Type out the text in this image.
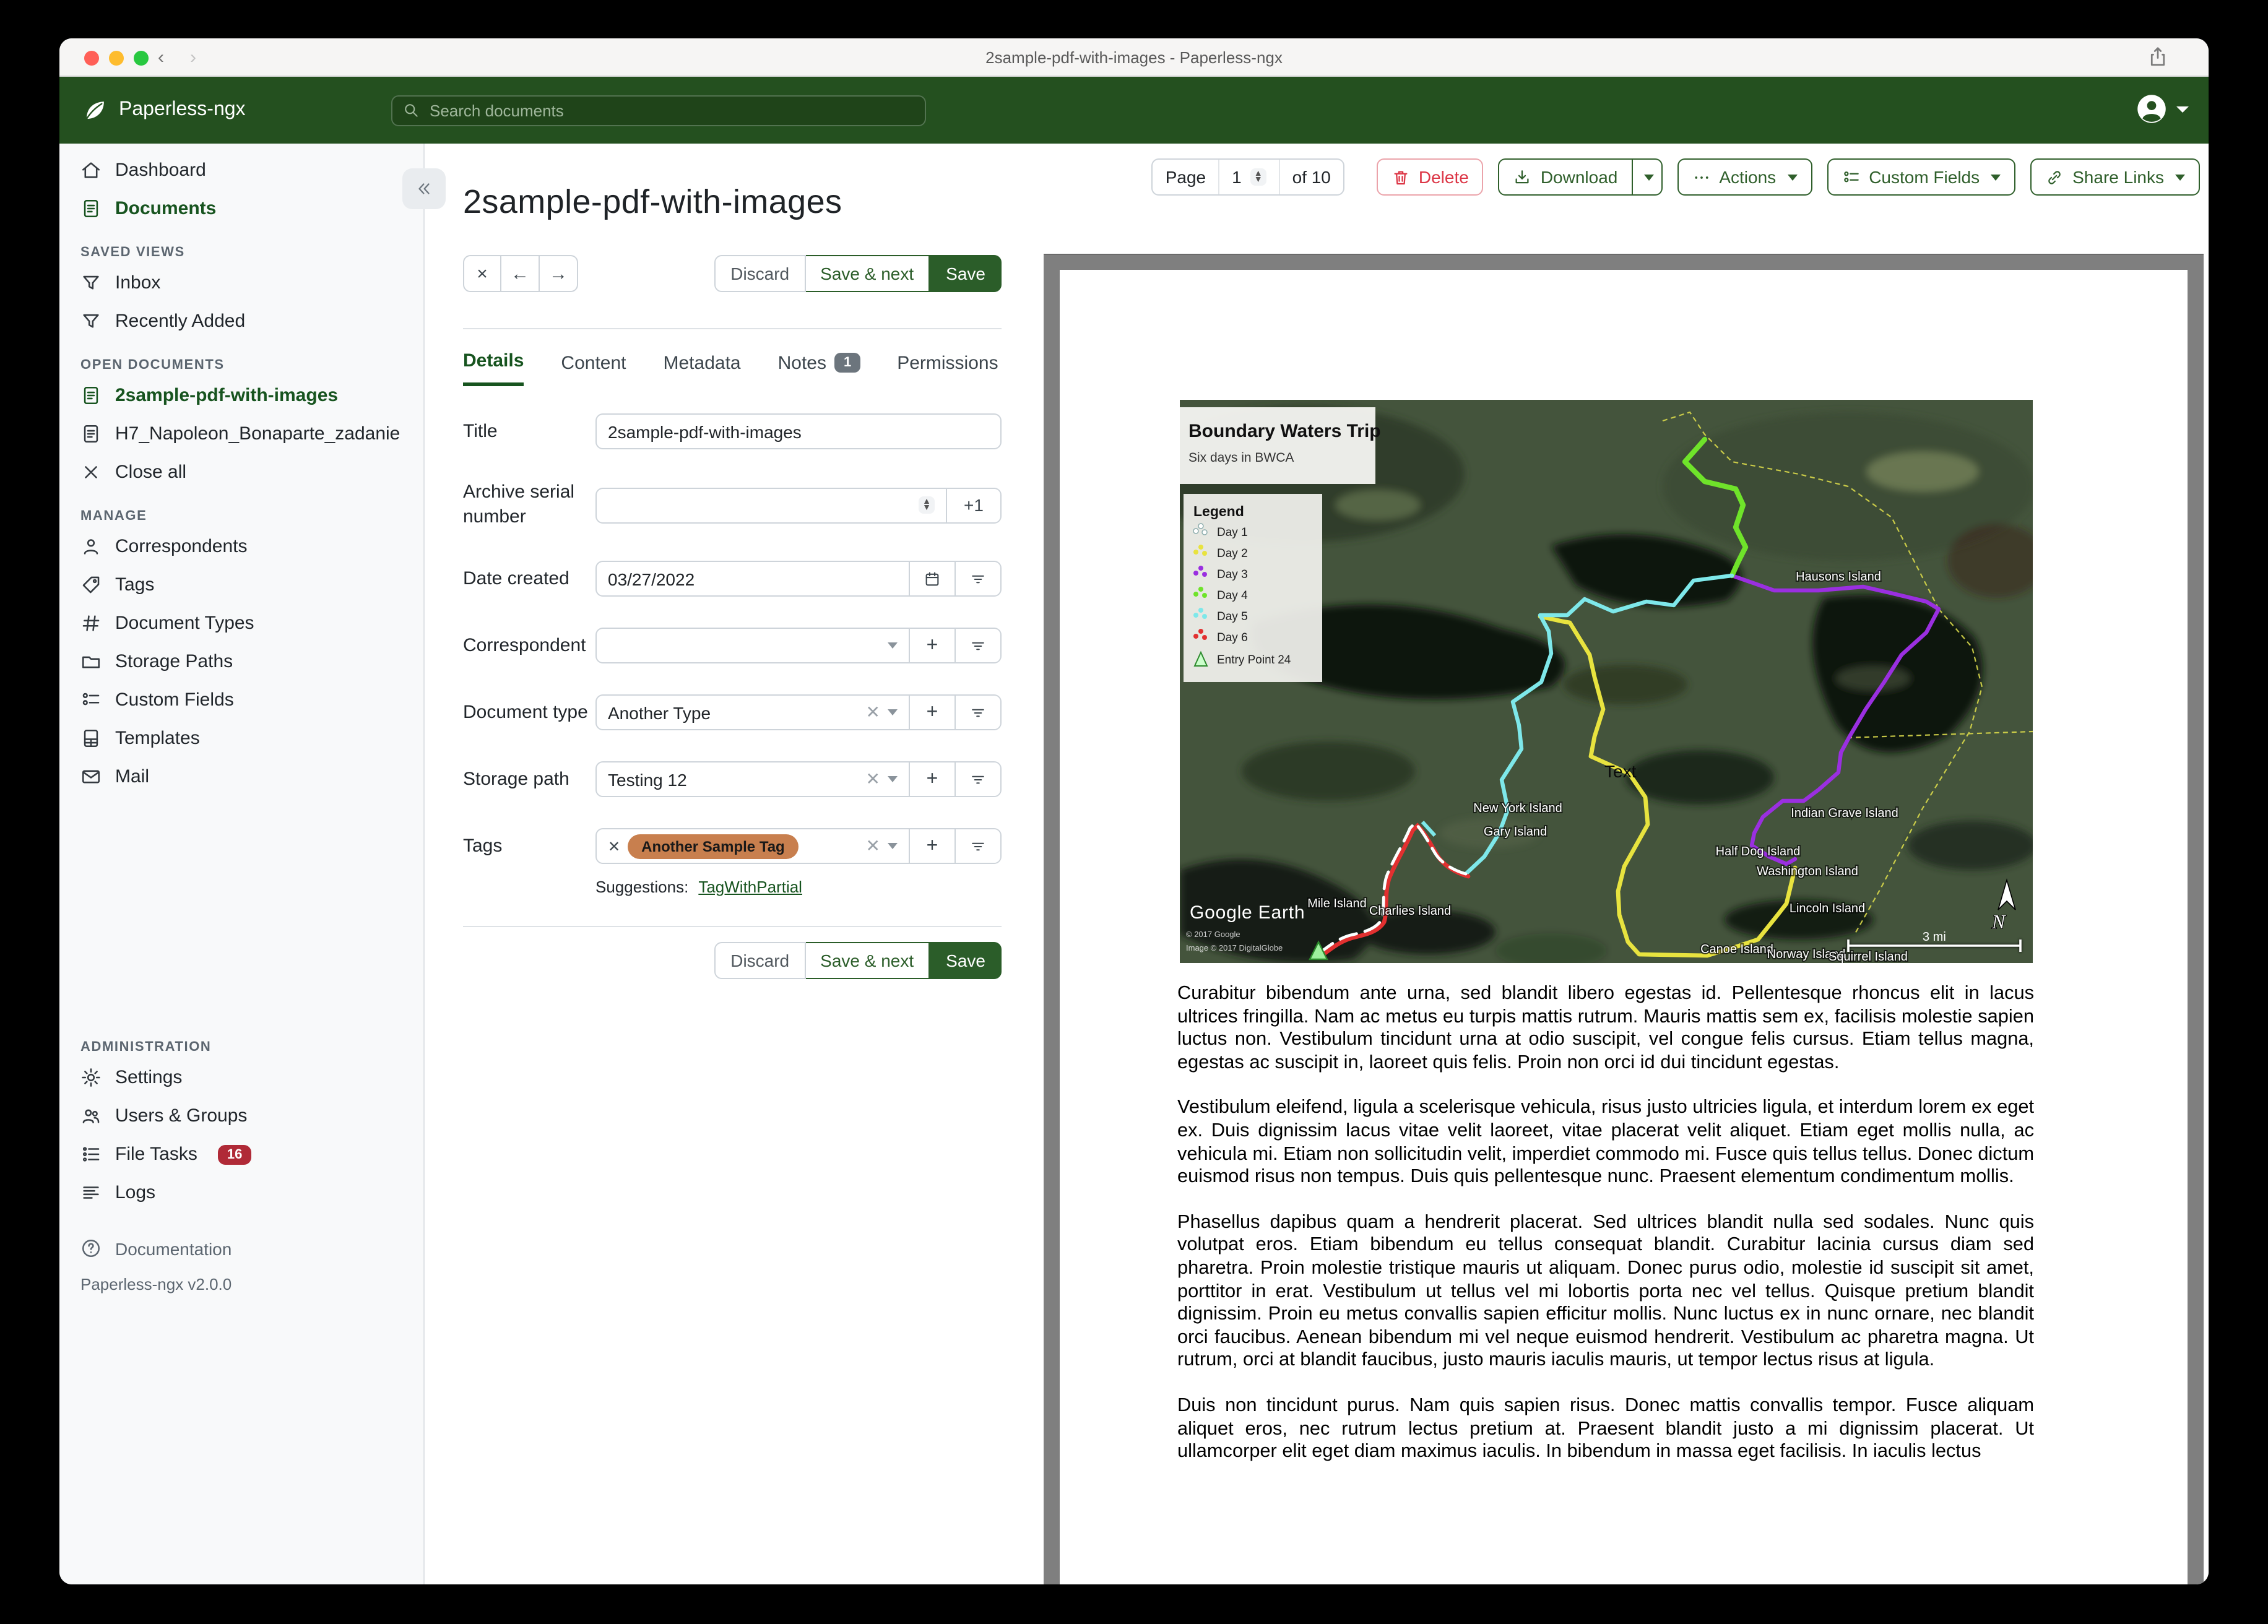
‹	›	2sample-pdf-with-images - Paperless-ngx
Paperless-ngx
Search documents
Dashboard
Documents
SAVED VIEWS
Inbox
Recently Added
OPEN DOCUMENTS
2sample-pdf-with-images
H7_Napoleon_Bonaparte_zadanie
Close all
MANAGE
Correspondents
Tags
Document Types
Storage Paths
Custom Fields
Templates
Mail
ADMINISTRATION
Settings
Users & Groups
File Tasks	16
Logs
Documentation
Paperless-ngx v2.0.0
Page	1	▲
▼	of 10	Delete	Download	Actions	Custom Fields	Share Links
2sample-pdf-with-images
×	←	→	Discard	Save & next	Save
Details	Content	Metadata	Notes	1	Permissions
Title	2sample-pdf-with-images
Archive serial number
▲
▼	+1
Date created	03/27/2022
Correspondent	+
Document type	Another Type	✕	+
Storage path	Testing 12	✕	+
Tags	✕	Another Sample Tag	✕	+
Suggestions: TagWithPartial
Discard	Save & next	Save
Hausons Island
New York Island
Gary Island
Indian Grave Island
Half Dog Island
Washington Island
Lincoln Island
Canoe Island
Norway Island
Squirrel Island
Mile Island
Charlies Island
Text
Boundary Waters Trip
Six days in BWCA
Legend
Day 1
Day 2
Day 3
Day 4
Day 5
Day 6
Entry Point 24
Google Earth
© 2017 Google
Image © 2017 DigitalGlobe
N
3 mi

Curabitur bibendum ante urna, sed blandit libero egestas id. Pellentesque rhoncus elit in lacus ultrices fringilla. Nam ac metus eu turpis mattis rutrum. Mauris mattis sem ex, facilisis molestie sapien luctus non. Vestibulum tincidunt urna at odio suscipit, vel congue felis cursus. Etiam tellus magna, egestas ac suscipit in, laoreet quis felis. Proin non orci id dui tincidunt egestas.

Vestibulum eleifend, ligula a scelerisque vehicula, risus justo ultricies ligula, et interdum lorem ex eget ex. Duis dignissim lacus vitae velit laoreet, vitae placerat velit aliquet. Etiam eget mollis nulla, ac vehicula mi. Etiam non sollicitudin velit, imperdiet commodo mi. Fusce quis tellus tellus. Donec dictum euismod risus non tempus. Duis quis pellentesque nunc. Praesent elementum condimentum mollis.

Phasellus dapibus quam a hendrerit placerat. Sed ultrices blandit nulla sed sodales. Nunc quis volutpat eros. Etiam bibendum eu tellus consequat blandit. Curabitur lacinia cursus diam sed pharetra. Proin molestie tristique mauris ut aliquam. Donec purus odio, molestie id suscipit sit amet, porttitor in erat. Vestibulum ut tellus vel mi lobortis porta nec vel tellus. Quisque pretium blandit dignissim. Proin eu metus convallis sapien efficitur mollis. Nunc luctus ex in nunc ornare, nec blandit orci faucibus. Aenean bibendum mi vel neque euismod hendrerit. Vestibulum ac pharetra magna. Ut rutrum, orci at blandit faucibus, justo mauris iaculis mauris, ut tempor lectus risus at ligula.

Duis non tincidunt purus. Nam quis sapien risus. Donec mattis convallis tempor. Fusce aliquam aliquet eros, nec rutrum lectus pretium at. Praesent blandit justo a mi dignissim placerat. Ut ullamcorper elit eget diam maximus iaculis. In bibendum in massa eget facilisis. In iaculis lectus
